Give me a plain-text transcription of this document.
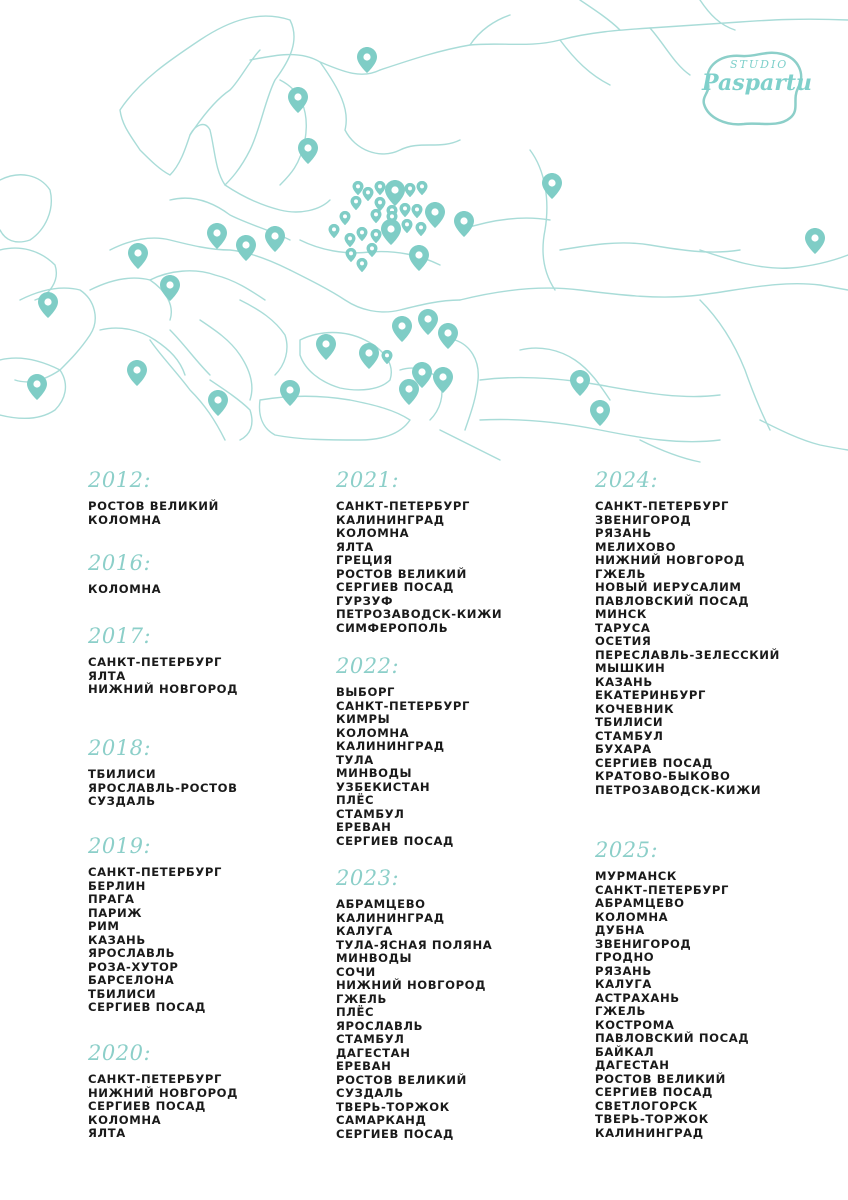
STUDIO
Paspartu
2012:
РОСТОВ ВЕЛИКИЙ
КОЛОМНА
2016:
КОЛОМНА
2017:
САНКТ-ПЕТЕРБУРГ
ЯЛТА
НИЖНИЙ НОВГОРОД
2018:
ТБИЛИСИ
ЯРОСЛАВЛЬ-РОСТОВ
СУЗДАЛЬ
2019:
САНКТ-ПЕТЕРБУРГ
БЕРЛИН
ПРАГА
ПАРИЖ
РИМ
КАЗАНЬ
ЯРОСЛАВЛЬ
РОЗА-ХУТОР
БАРСЕЛОНА
ТБИЛИСИ
СЕРГИЕВ ПОСАД
2020:
САНКТ-ПЕТЕРБУРГ
НИЖНИЙ НОВГОРОД
СЕРГИЕВ ПОСАД
КОЛОМНА
ЯЛТА
2021:
САНКТ-ПЕТЕРБУРГ
КАЛИНИНГРАД
КОЛОМНА
ЯЛТА
ГРЕЦИЯ
РОСТОВ ВЕЛИКИЙ
СЕРГИЕВ ПОСАД
ГУРЗУФ
ПЕТРОЗАВОДСК-КИЖИ
СИМФЕРОПОЛЬ
2022:
ВЫБОРГ
САНКТ-ПЕТЕРБУРГ
КИМРЫ
КОЛОМНА
КАЛИНИНГРАД
ТУЛА
МИНВОДЫ
УЗБЕКИСТАН
ПЛЁС
СТАМБУЛ
ЕРЕВАН
СЕРГИЕВ ПОСАД
2023:
АБРАМЦЕВО
КАЛИНИНГРАД
КАЛУГА
ТУЛА-ЯСНАЯ ПОЛЯНА
МИНВОДЫ
СОЧИ
НИЖНИЙ НОВГОРОД
ГЖЕЛЬ
ПЛЁС
ЯРОСЛАВЛЬ
СТАМБУЛ
ДАГЕСТАН
ЕРЕВАН
РОСТОВ ВЕЛИКИЙ
СУЗДАЛЬ
ТВЕРЬ-ТОРЖОК
САМАРКАНД
СЕРГИЕВ ПОСАД
2024:
САНКТ-ПЕТЕРБУРГ
ЗВЕНИГОРОД
РЯЗАНЬ
МЕЛИХОВО
НИЖНИЙ НОВГОРОД
ГЖЕЛЬ
НОВЫЙ ИЕРУСАЛИМ
ПАВЛОВСКИЙ ПОСАД
МИНСК
ТАРУСА
ОСЕТИЯ
ПЕРЕСЛАВЛЬ-ЗЕЛЕССКИЙ
МЫШКИН
КАЗАНЬ
ЕКАТЕРИНБУРГ
КОЧЕВНИК
ТБИЛИСИ
СТАМБУЛ
БУХАРА
СЕРГИЕВ ПОСАД
КРАТОВО-БЫКОВО
ПЕТРОЗАВОДСК-КИЖИ
2025:
МУРМАНСК
САНКТ-ПЕТЕРБУРГ
АБРАМЦЕВО
КОЛОМНА
ДУБНА
ЗВЕНИГОРОД
ГРОДНО
РЯЗАНЬ
КАЛУГА
АСТРАХАНЬ
ГЖЕЛЬ
КОСТРОМА
ПАВЛОВСКИЙ ПОСАД
БАЙКАЛ
ДАГЕСТАН
РОСТОВ ВЕЛИКИЙ
СЕРГИЕВ ПОСАД
СВЕТЛОГОРСК
ТВЕРЬ-ТОРЖОК
КАЛИНИНГРАД
